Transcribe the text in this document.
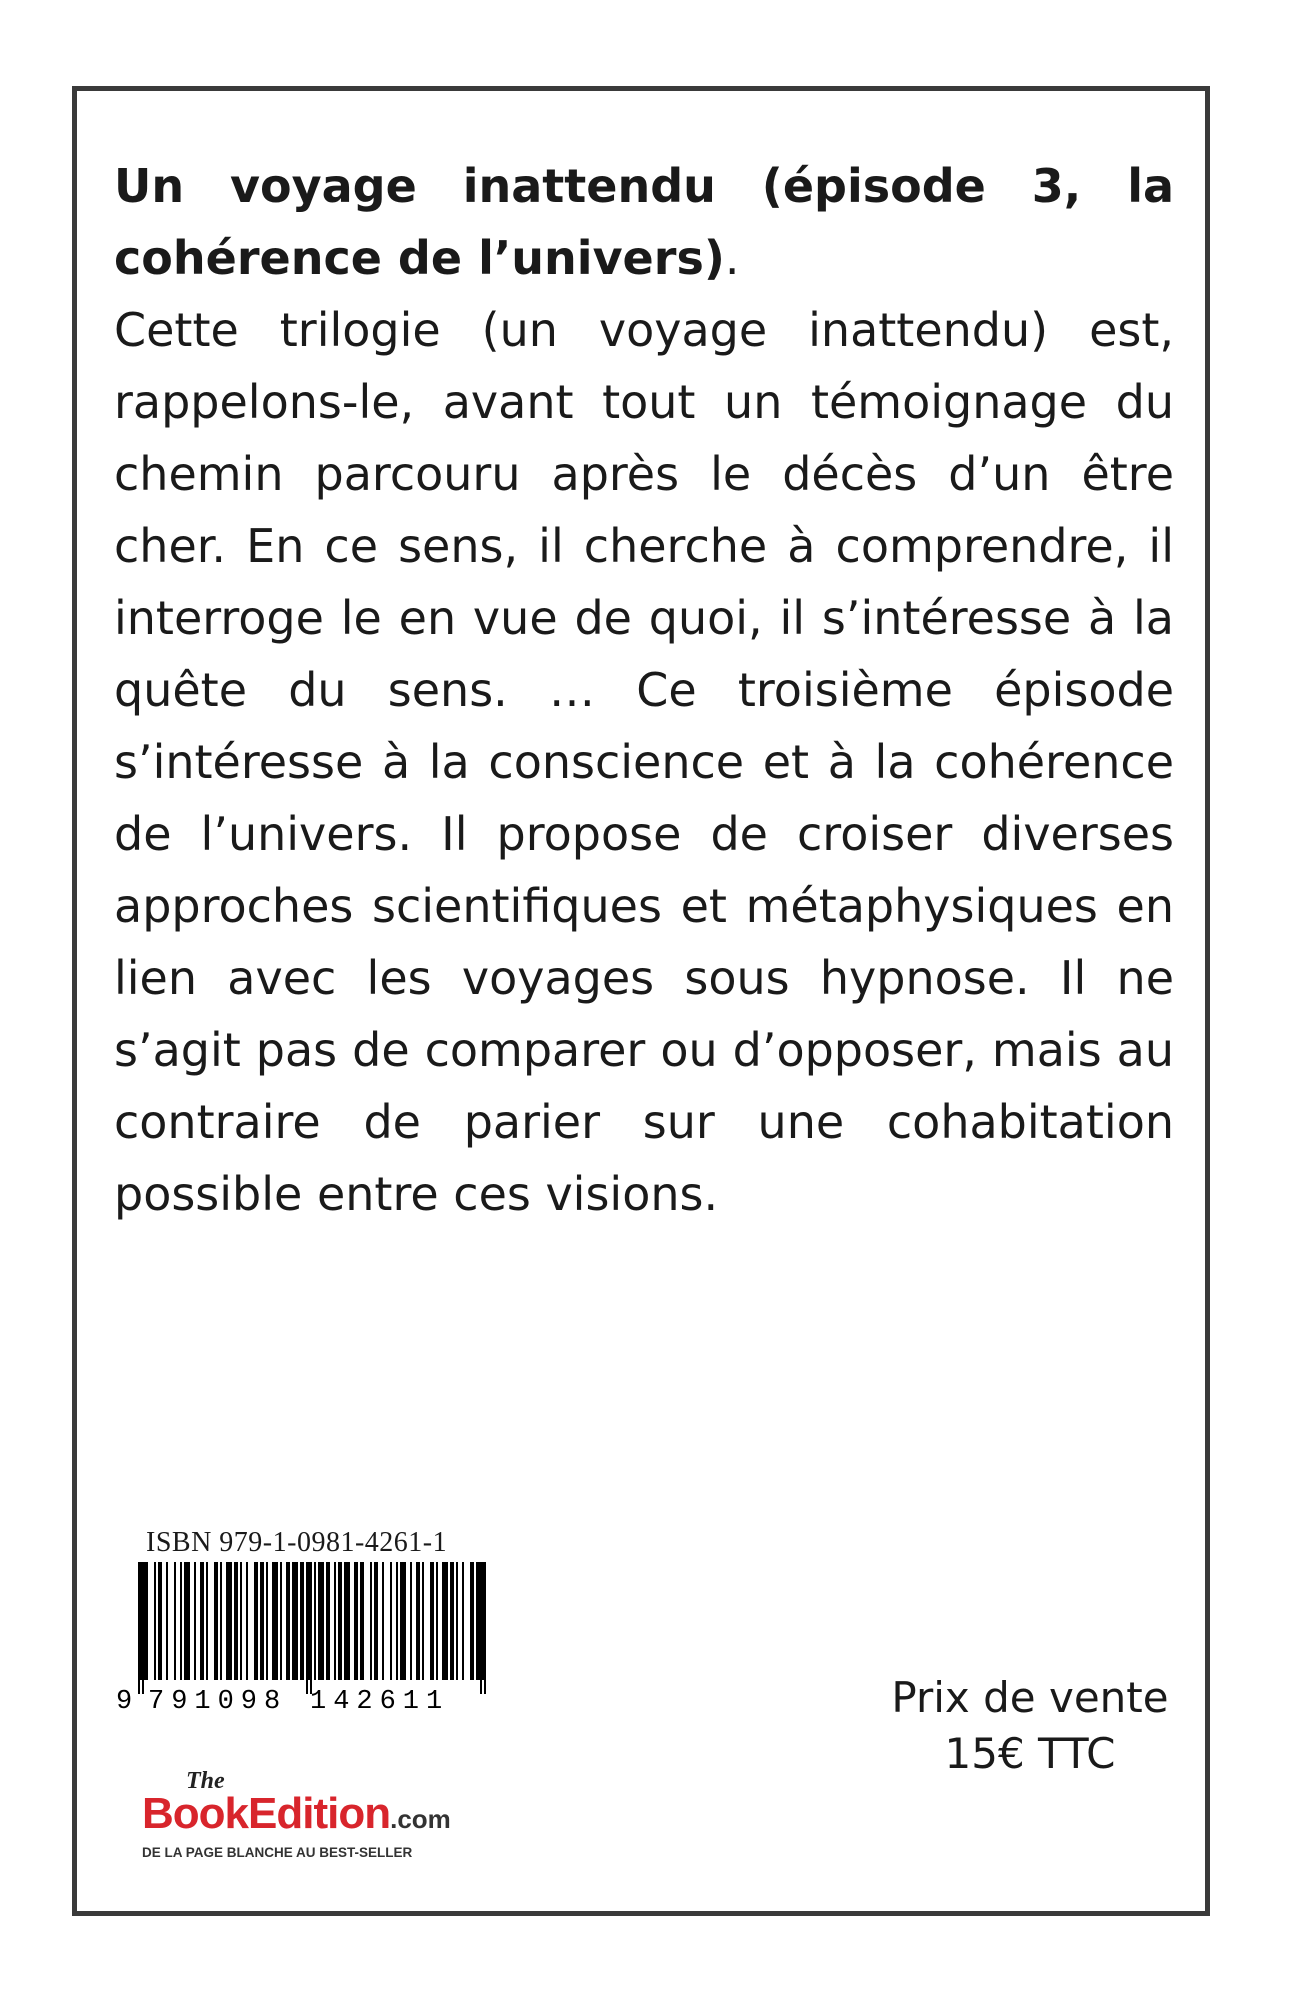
Un voyage inattendu (épisode 3, la cohérence de l’univers).
Cette trilogie (un voyage inattendu) est, rappelons-le, avant tout un témoignage du chemin parcouru après le décès d’un être cher. En ce sens, il cherche à comprendre, il interroge le en vue de quoi, il s’intéresse à la quête du sens. … Ce troisième épisode s’intéresse à la conscience et à la cohérence de l’univers. Il propose de croiser diverses approches scientifiques et métaphysiques en lien avec les voyages sous hypnose. Il ne s’agit pas de comparer ou d’opposer, mais au contraire de parier sur une cohabitation possible entre ces visions.

ISBN 979-1-0981-4261-1
9 791098 142611	Prix de vente
15€ TTC
The
BookEdition.com
DE LA PAGE BLANCHE AU BEST-SELLER
